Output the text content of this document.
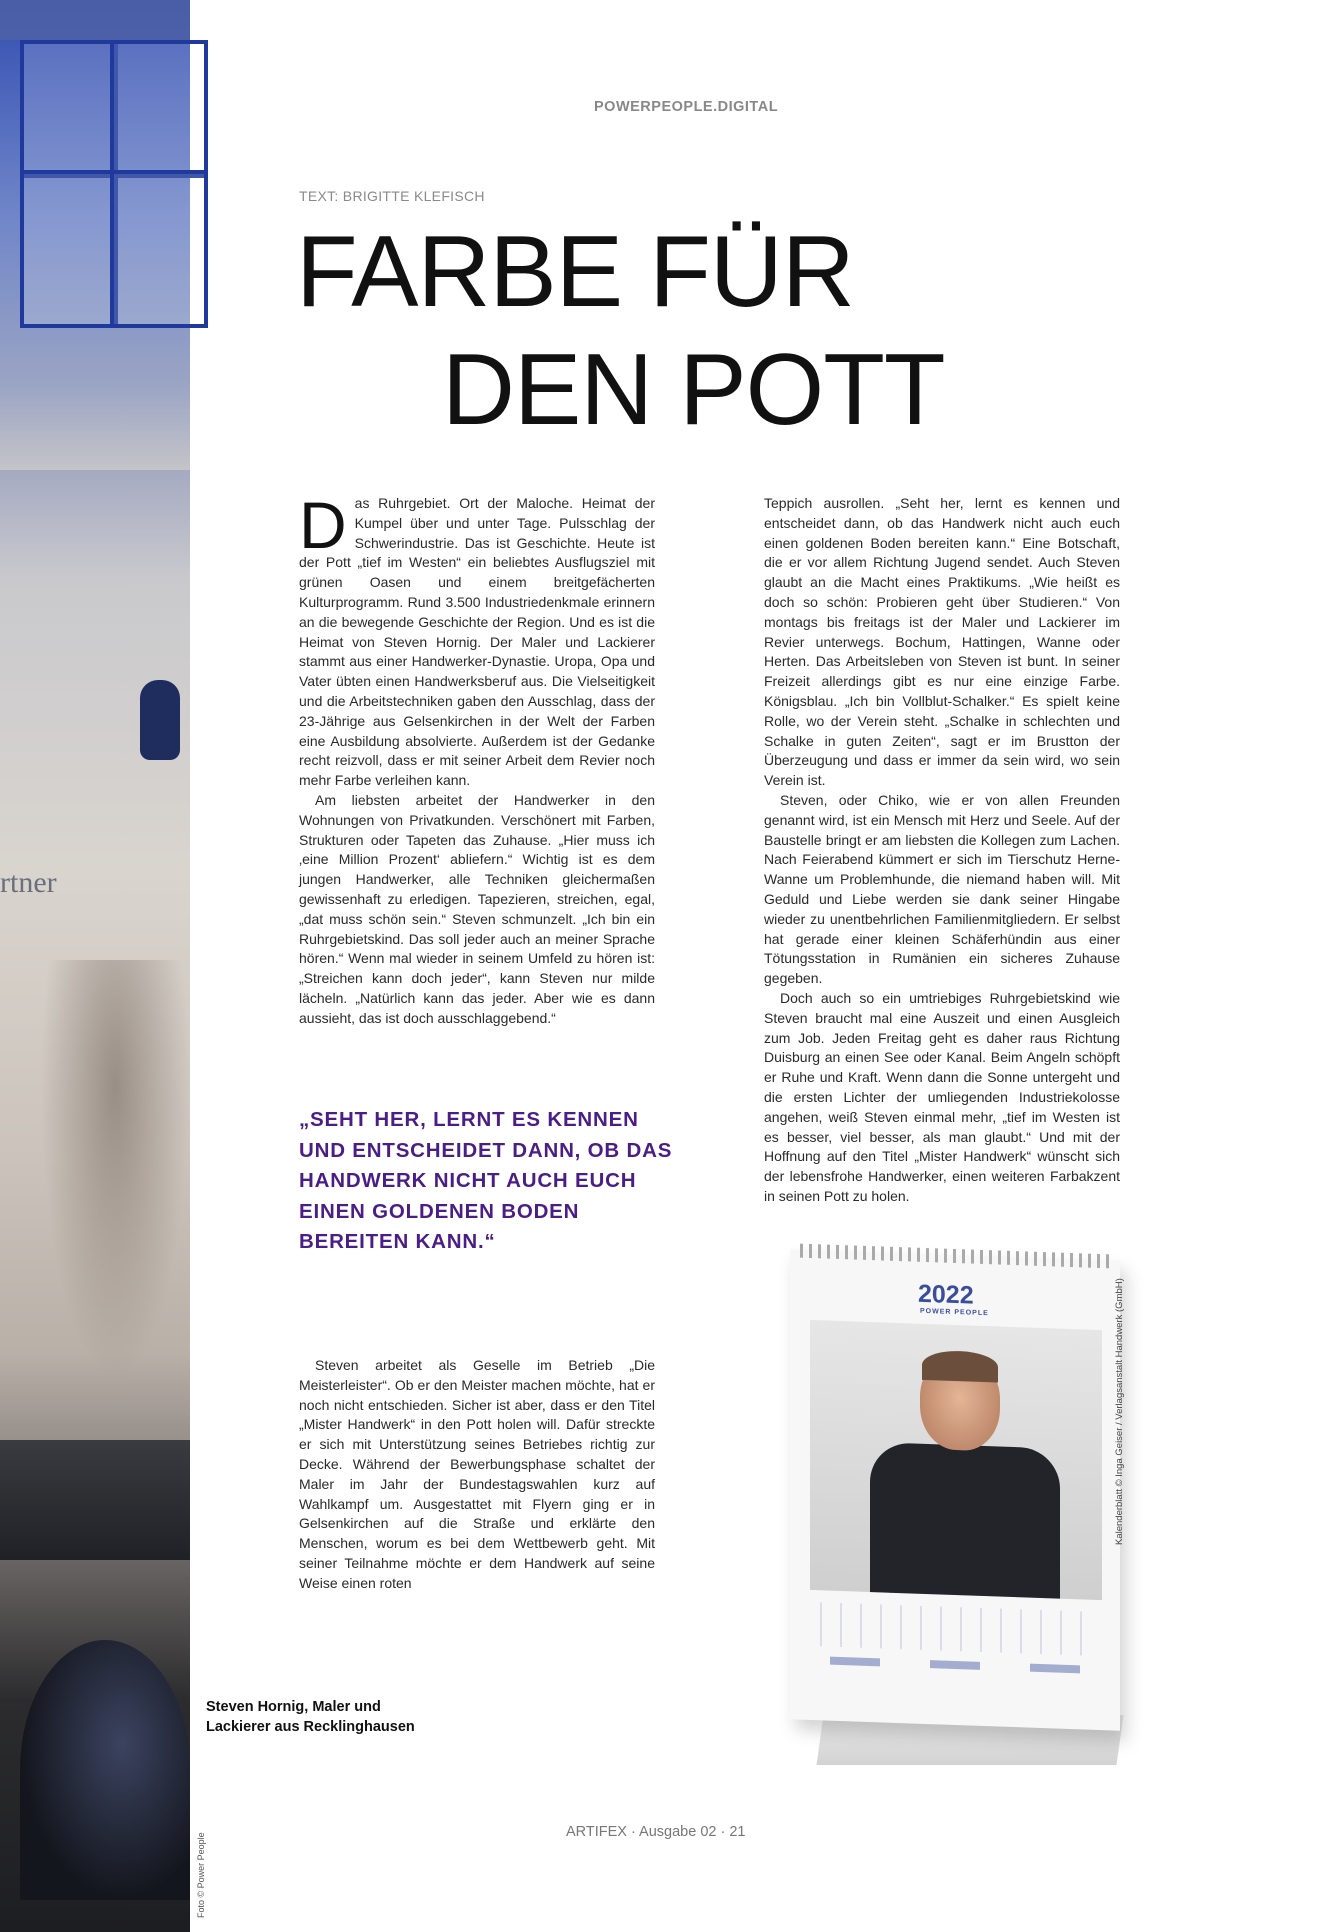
rtner
Foto © Power People
POWERPEOPLE.DIGITAL
TEXT: BRIGITTE KLEFISCH
FARBE FÜR
DEN POTT

Das Ruhrgebiet. Ort der Maloche. Heimat der Kumpel über und unter Tage. Pulsschlag der Schwerindustrie. Das ist Geschichte. Heute ist der Pott „tief im Westen“ ein beliebtes Ausflugsziel mit grünen Oasen und einem breitgefächerten Kulturprogramm. Rund 3.500 Industriedenkmale erinnern an die bewegende Geschichte der Region. Und es ist die Heimat von Steven Hornig. Der Maler und Lackierer stammt aus einer Handwerker-Dynastie. Uropa, Opa und Vater übten einen Handwerksberuf aus. Die Vielseitigkeit und die Arbeitstechniken gaben den Ausschlag, dass der 23-Jährige aus Gelsenkirchen in der Welt der Farben eine Ausbildung absolvierte. Außerdem ist der Gedanke recht reizvoll, dass er mit seiner Arbeit dem Revier noch mehr Farbe verleihen kann.

Am liebsten arbeitet der Handwerker in den Wohnungen von Privatkunden. Verschönert mit Farben, Strukturen oder Tapeten das Zuhause. „Hier muss ich ‚eine Million Prozent‘ abliefern.“ Wichtig ist es dem jungen Handwerker, alle Techniken gleichermaßen gewissenhaft zu erledigen. Tapezieren, streichen, egal, „dat muss schön sein.“ Steven schmunzelt. „Ich bin ein Ruhrgebietskind. Das soll jeder auch an meiner Sprache hören.“ Wenn mal wieder in seinem Umfeld zu hören ist: „Streichen kann doch jeder“, kann Steven nur milde lächeln. „Natürlich kann das jeder. Aber wie es dann aussieht, das ist doch ausschlaggebend.“

„SEHT HER, LERNT ES KENNEN UND ENTSCHEIDET DANN, OB DAS HANDWERK NICHT AUCH EUCH EINEN GOLDENEN BODEN BEREITEN KANN.“

Steven arbeitet als Geselle im Betrieb „Die Meisterleister“. Ob er den Meister machen möchte, hat er noch nicht entschieden. Sicher ist aber, dass er den Titel „Mister Handwerk“ in den Pott holen will. Dafür streckte er sich mit Unterstützung seines Betriebes richtig zur Decke. Während der Bewerbungsphase schaltet der Maler im Jahr der Bundestagswahlen kurz auf Wahlkampf um. Ausgestattet mit Flyern ging er in Gelsenkirchen auf die Straße und erklärte den Menschen, worum es bei dem Wettbewerb geht. Mit seiner Teilnahme möchte er dem Handwerk auf seine Weise einen roten

Teppich ausrollen. „Seht her, lernt es kennen und entscheidet dann, ob das Handwerk nicht auch euch einen goldenen Boden bereiten kann.“ Eine Botschaft, die er vor allem Richtung Jugend sendet. Auch Steven glaubt an die Macht eines Praktikums. „Wie heißt es doch so schön: Probieren geht über Studieren.“ Von montags bis freitags ist der Maler und Lackierer im Revier unterwegs. Bochum, Hattingen, Wanne oder Herten. Das Arbeitsleben von Steven ist bunt. In seiner Freizeit allerdings gibt es nur eine einzige Farbe. Königsblau. „Ich bin Vollblut-Schalker.“ Es spielt keine Rolle, wo der Verein steht. „Schalke in schlechten und Schalke in guten Zeiten“, sagt er im Brustton der Überzeugung und dass er immer da sein wird, wo sein Verein ist.

Steven, oder Chiko, wie er von allen Freunden genannt wird, ist ein Mensch mit Herz und Seele. Auf der Baustelle bringt er am liebsten die Kollegen zum Lachen. Nach Feierabend kümmert er sich im Tierschutz Herne-Wanne um Problemhunde, die niemand haben will. Mit Geduld und Liebe werden sie dank seiner Hingabe wieder zu unentbehrlichen Familienmitgliedern. Er selbst hat gerade einer kleinen Schäferhündin aus einer Tötungsstation in Rumänien ein sicheres Zuhause gegeben.

Doch auch so ein umtriebiges Ruhrgebietskind wie Steven braucht mal eine Auszeit und einen Ausgleich zum Job. Jeden Freitag geht es daher raus Richtung Duisburg an einen See oder Kanal. Beim Angeln schöpft er Ruhe und Kraft. Wenn dann die Sonne untergeht und die ersten Lichter der umliegenden Industriekolosse angehen, weiß Steven einmal mehr, „tief im Westen ist es besser, viel besser, als man glaubt.“ Und mit der Hoffnung auf den Titel „Mister Handwerk“ wünscht sich der lebensfrohe Handwerker, einen weiteren Farbakzent in seinen Pott zu holen.

2022
POWER PEOPLE	Kalenderblatt © Inga Geiser / Verlagsanstalt Handwerk (GmbH)
Steven Hornig, Maler und
Lackierer aus Recklinghausen
ARTIFEX · Ausgabe 02 · 21
